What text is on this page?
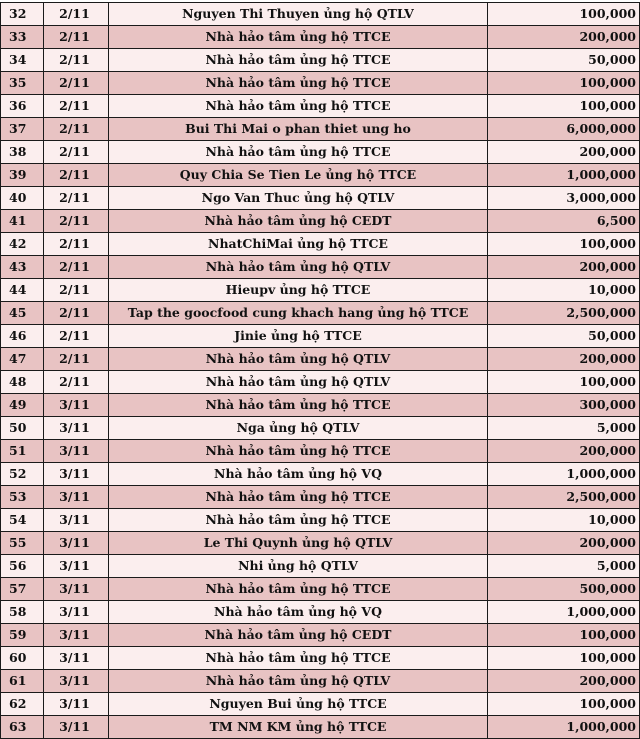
32	2/11	Nguyen Thi Thuyen ủng hộ QTLV	100,000
33	2/11	Nhà hảo tâm ủng hộ TTCE	200,000
34	2/11	Nhà hảo tâm ủng hộ TTCE	50,000
35	2/11	Nhà hảo tâm ủng hộ TTCE	100,000
36	2/11	Nhà hảo tâm ủng hộ TTCE	100,000
37	2/11	Bui Thi Mai o phan thiet ung ho	6,000,000
38	2/11	Nhà hảo tâm ủng hộ TTCE	200,000
39	2/11	Quy Chia Se Tien Le ủng hộ TTCE	1,000,000
40	2/11	Ngo Van Thuc ủng hộ QTLV	3,000,000
41	2/11	Nhà hảo tâm ủng hộ CEDT	6,500
42	2/11	NhatChiMai ủng hộ TTCE	100,000
43	2/11	Nhà hảo tâm ủng hộ QTLV	200,000
44	2/11	Hieupv ủng hộ TTCE	10,000
45	2/11	Tap the goocfood cung khach hang ủng hộ TTCE	2,500,000
46	2/11	Jinie ủng hộ TTCE	50,000
47	2/11	Nhà hảo tâm ủng hộ QTLV	200,000
48	2/11	Nhà hảo tâm ủng hộ QTLV	100,000
49	3/11	Nhà hảo tâm ủng hộ TTCE	300,000
50	3/11	Nga ủng hộ QTLV	5,000
51	3/11	Nhà hảo tâm ủng hộ TTCE	200,000
52	3/11	Nhà hảo tâm ủng hộ VQ	1,000,000
53	3/11	Nhà hảo tâm ủng hộ TTCE	2,500,000
54	3/11	Nhà hảo tâm ủng hộ TTCE	10,000
55	3/11	Le Thi Quynh ủng hộ QTLV	200,000
56	3/11	Nhi ủng hộ QTLV	5,000
57	3/11	Nhà hảo tâm ủng hộ TTCE	500,000
58	3/11	Nhà hảo tâm ủng hộ VQ	1,000,000
59	3/11	Nhà hảo tâm ủng hộ CEDT	100,000
60	3/11	Nhà hảo tâm ủng hộ TTCE	100,000
61	3/11	Nhà hảo tâm ủng hộ QTLV	200,000
62	3/11	Nguyen Bui ủng hộ TTCE	100,000
63	3/11	TM NM KM ủng hộ TTCE	1,000,000
